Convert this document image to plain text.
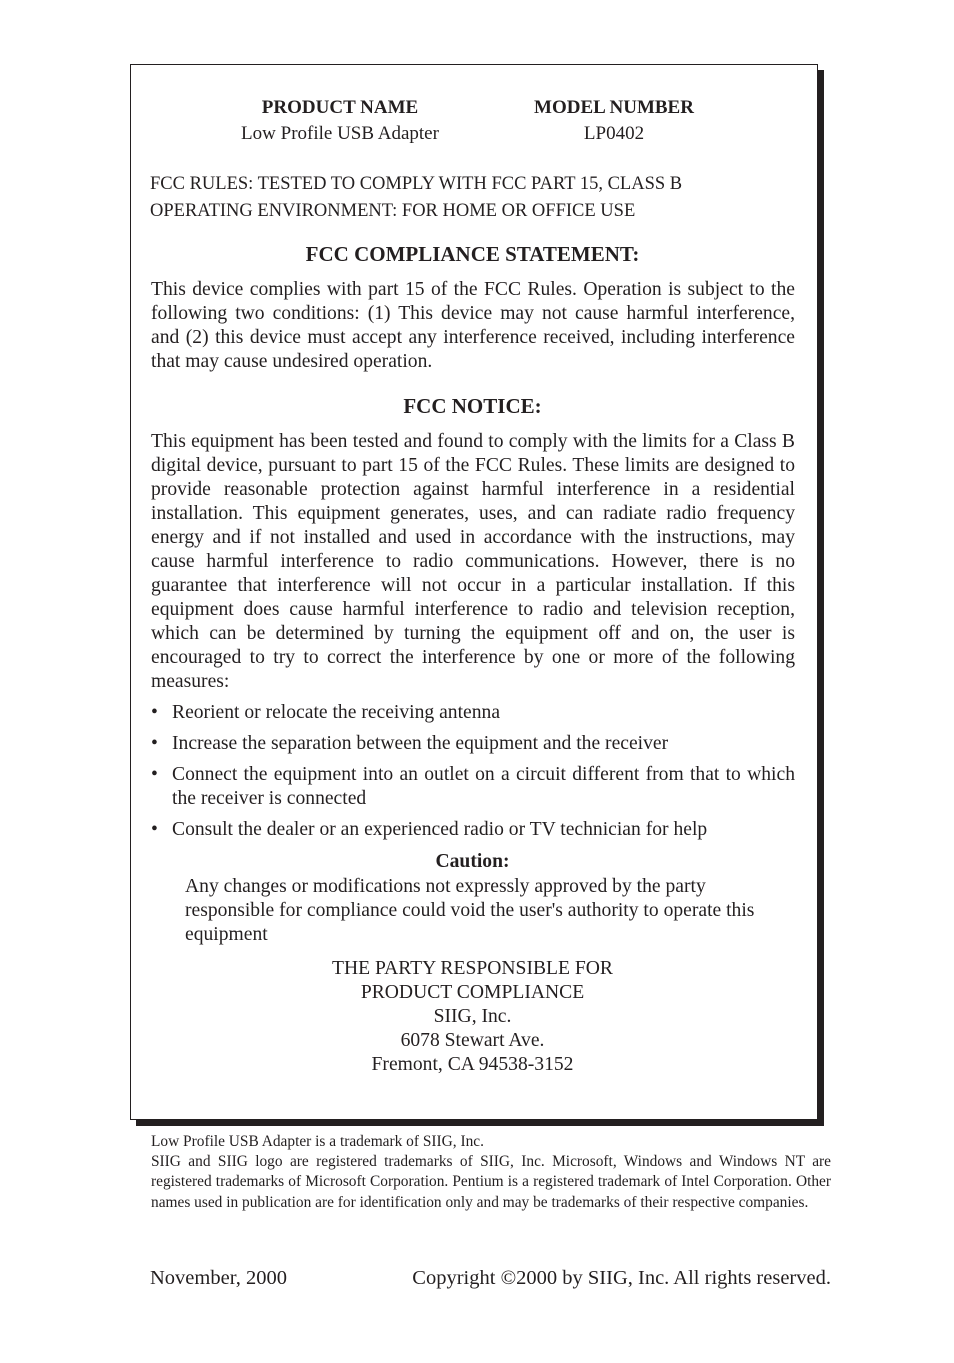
PRODUCT NAME
Low Profile USB Adapter
MODEL NUMBER
LP0402
FCC RULES: TESTED TO COMPLY WITH FCC PART 15, CLASS B
OPERATING ENVIRONMENT: FOR HOME OR OFFICE USE
FCC COMPLIANCE STATEMENT:
This device complies with part 15 of the FCC Rules. Operation is subject to the following two conditions: (1) This device may not cause harmful interference, and (2) this device must accept any interference received, including interference that may cause undesired operation.
FCC NOTICE:
This equipment has been tested and found to comply with the limits for a Class B digital device, pursuant to part 15 of the FCC Rules. These limits are designed to provide reasonable protection against harmful interference in a residential installation. This equipment generates, uses, and can radiate radio frequency energy and if not installed and used in accordance with the instructions, may cause harmful interference to radio communications. However, there is no guarantee that interference will not occur in a particular installation. If this equipment does cause harmful interference to radio and television reception, which can be determined by turning the equipment off and on, the user is encouraged to try to correct the interference by one or more of the following measures:
• Reorient or relocate the receiving antenna
• Increase the separation between the equipment and the receiver
• Connect the equipment into an outlet on a circuit different from that to which the receiver is connected
• Consult the dealer or an experienced radio or TV technician for help
Caution:
Any changes or modifications not expressly approved by the party responsible for compliance could void the user's authority to operate this equipment
THE PARTY RESPONSIBLE FOR
PRODUCT COMPLIANCE
SIIG, Inc.
6078 Stewart Ave.
Fremont, CA 94538-3152
Low Profile USB Adapter is a trademark of SIIG, Inc.
SIIG and SIIG logo are registered trademarks of SIIG, Inc. Microsoft, Windows and Windows NT are registered trademarks of Microsoft Corporation. Pentium is a registered trademark of Intel Corporation. Other names used in publication are for identification only and may be trademarks of their respective companies.
November, 2000	Copyright ©2000 by SIIG, Inc. All rights reserved.
